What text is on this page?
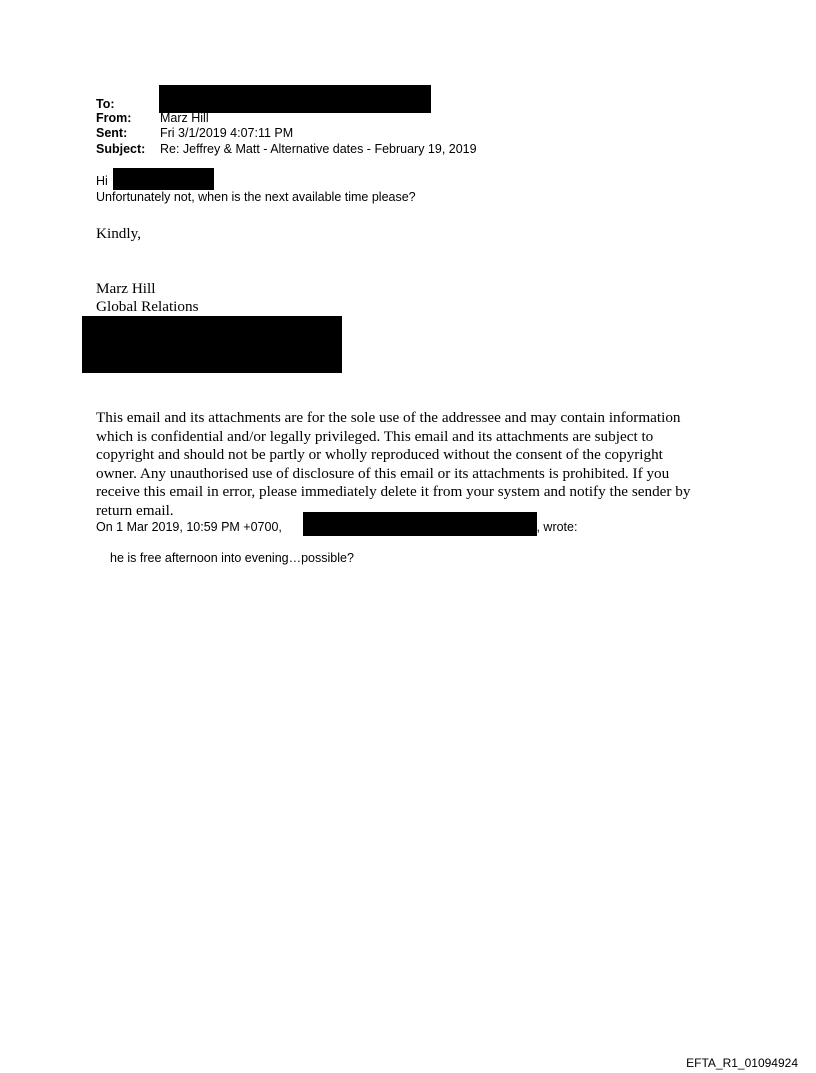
To:
From: Marz Hill
Sent:	Fri 3/1/2019 4:07:11 PM
Subject: Re: Jeffrey & Matt - Alternative dates - February 19, 2019
Hi
Unfortunately not, when is the next available time please?
Kindly,
Marz Hill
Global Relations
This email and its attachments are for the sole use of the addressee and may contain information
which is confidential and/or legally privileged. This email and its attachments are subject to
copyright and should not be partly or wholly reproduced without the consent of the copyright
owner. Any unauthorised use of disclosure of this email or its attachments is prohibited. If you
receive this email in error, please immediately delete it from your system and notify the sender by
return email.
On 1 Mar 2019, 10:59 PM +0700,	r, wrote:
he is free afternoon into evening…possible?
EFTA_R1_01094924
